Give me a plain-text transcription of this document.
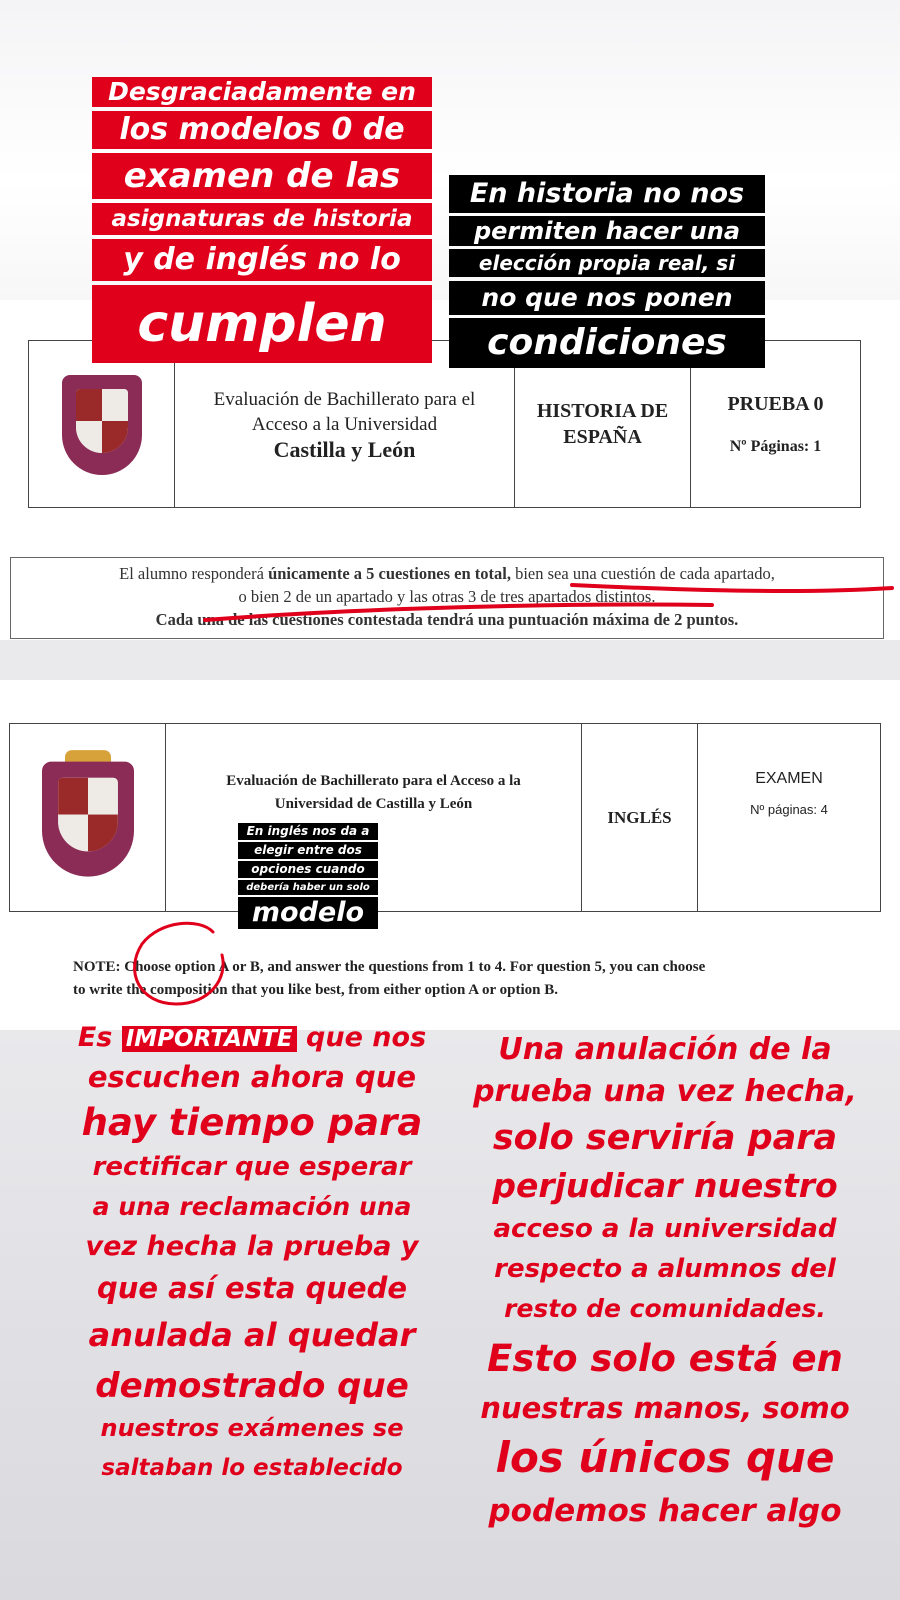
Evaluación de Bachillerato para el
Acceso a la Universidad
Castilla y León
HISTORIA DE
ESPAÑA
PRUEBA 0
Nº Páginas: 1
El alumno responderá únicamente a 5 cuestiones en total, bien sea una cuestión de cada apartado,
o bien 2 de un apartado y las otras 3 de tres apartados distintos.
Cada una de las cuestiones contestada tendrá una puntuación máxima de 2 puntos.
Evaluación de Bachillerato para el Acceso a la
Universidad de Castilla y León
INGLÉS
EXAMEN
Nº páginas: 4
NOTE: Choose option A or B, and answer the questions from 1 to 4. For question 5, you can choose
to write the composition that you like best, from either option A or option B.
Desgraciadamente en
los modelos 0 de
examen de las
asignaturas de historia
y de inglés no lo
cumplen
En historia no nos
permiten hacer una
elección propia real, si
no que nos ponen
condiciones
En inglés nos da a
elegir entre dos
opciones cuando
debería haber un solo
modelo
Es IMPORTANTE que nos
escuchen ahora que
hay tiempo para
rectificar que esperar
a una reclamación una
vez hecha la prueba y
que así esta quede
anulada al quedar
demostrado que
nuestros exámenes se
saltaban lo establecido
Una anulación de la
prueba una vez hecha,
solo serviría para
perjudicar nuestro
acceso a la universidad
respecto a alumnos del
resto de comunidades.
Esto solo está en
nuestras manos, somo
los únicos que
podemos hacer algo
